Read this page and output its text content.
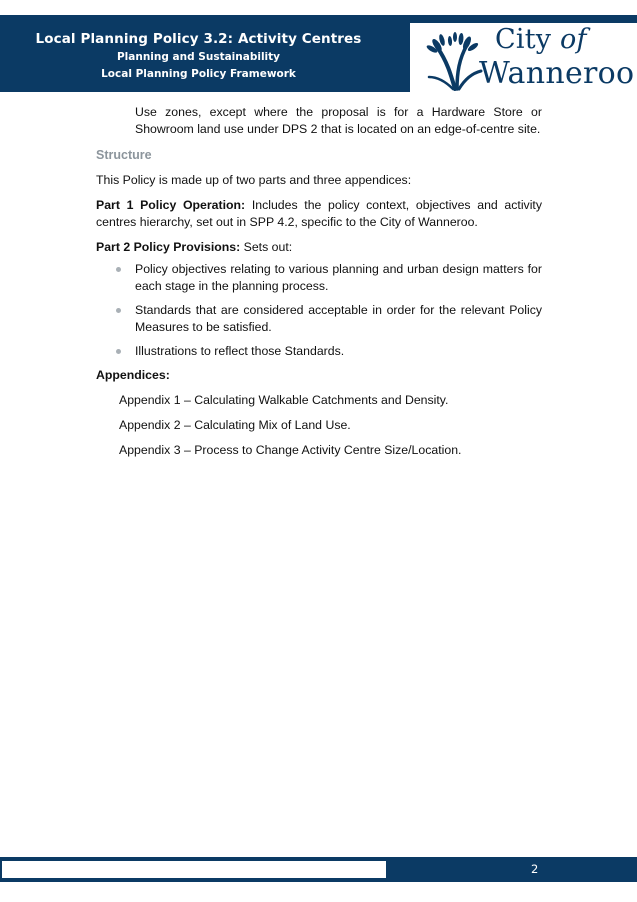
Local Planning Policy 3.2: Activity Centres
Planning and Sustainability
Local Planning Policy Framework
City of
Wanneroo

Use zones, except where the proposal is for a Hardware Store or Showroom land use under DPS 2 that is located on an edge-of-centre site.

Structure

This Policy is made up of two parts and three appendices:

Part 1 Policy Operation: Includes the policy context, objectives and activity centres hierarchy, set out in SPP 4.2, specific to the City of Wanneroo.

Part 2 Policy Provisions: Sets out:

Policy objectives relating to various planning and urban design matters for each stage in the planning process.
Standards that are considered acceptable in order for the relevant Policy Measures to be satisfied.
Illustrations to reflect those Standards.

Appendices:

Appendix 1 – Calculating Walkable Catchments and Density.

Appendix 2 – Calculating Mix of Land Use.

Appendix 3 – Process to Change Activity Centre Size/Location.

2
